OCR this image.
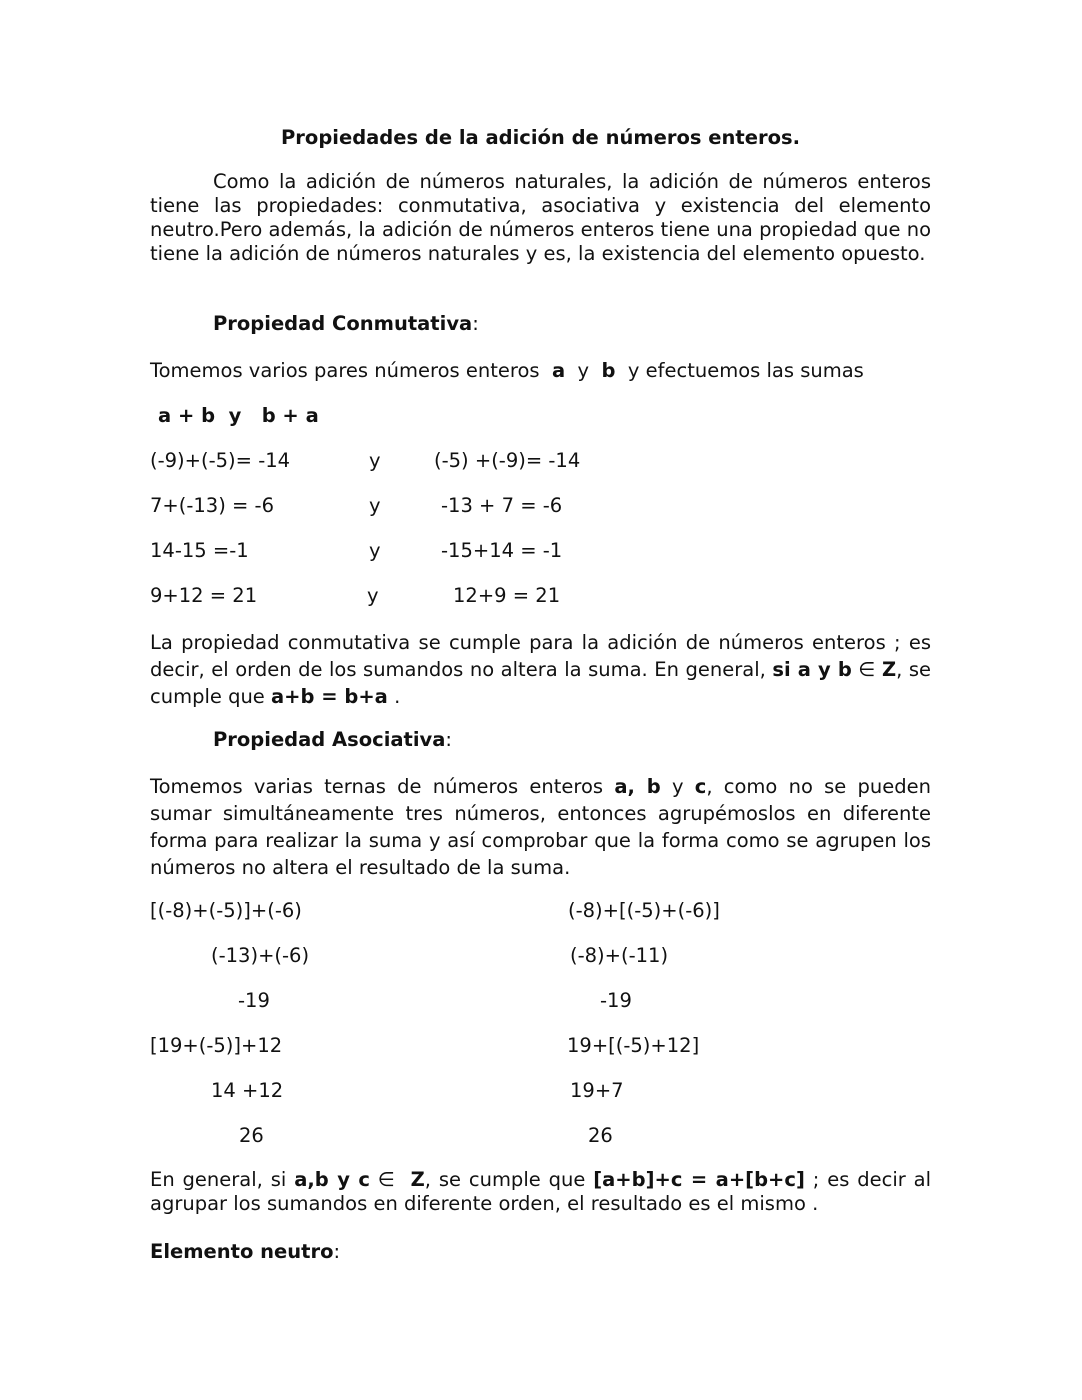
Propiedades de la adición de números enteros.

Como la adición de números naturales, la adición de números enteros tiene las propiedades: conmutativa, asociativa y existencia del elemento neutro.Pero además, la adición de números enteros tiene una propiedad que no tiene la adición de números naturales y es, la existencia del elemento opuesto.

Propiedad Conmutativa:

Tomemos varios pares números enteros a y b y efectuemos las sumas

a + b  y   b + a

(-9)+(-5)= -14	y	(-5) +(-9)= -14

7+(-13) = -6	y	-13 + 7 = -6

14-15 =-1	y	-15+14 = -1

9+12 = 21	y	12+9 = 21

La propiedad conmutativa se cumple para la adición de números enteros ; es decir, el orden de los sumandos no altera la suma. En general, si a y b ∈ Z, se cumple que a+b = b+a .

Propiedad Asociativa:

Tomemos varias ternas de números enteros a, b y c, como no se pueden sumar simultáneamente tres números, entonces agrupémoslos en diferente forma para realizar la suma y así comprobar que la forma como se agrupen los números no altera el resultado de la suma.

[(-8)+(-5)]+(-6)	(-8)+[(-5)+(-6)]

(-13)+(-6)	(-8)+(-11)

-19	-19

[19+(-5)]+12	19+[(-5)+12]

14 +12	19+7

26	26

En general, si a,b y c ∈ Z, se cumple que [a+b]+c = a+[b+c] ; es decir al agrupar los sumandos en diferente orden, el resultado es el mismo .

Elemento neutro:
